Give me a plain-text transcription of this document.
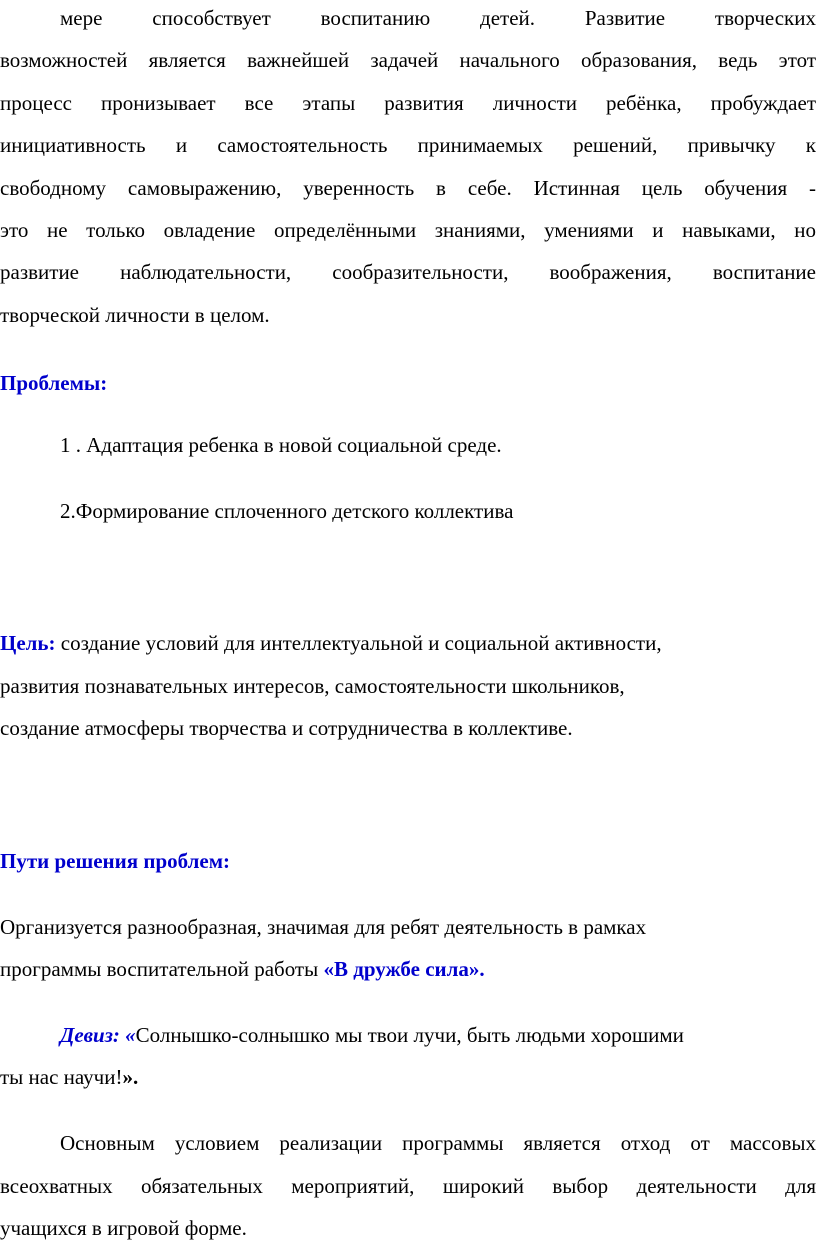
мере способствует воспитанию детей. Развитие творческих
возможностей является важнейшей задачей начального образования, ведь этот
процесс пронизывает все этапы развития личности ребёнка, пробуждает
инициативность и самостоятельность принимаемых решений, привычку к
свободному самовыражению, уверенность в себе. Истинная цель обучения -
это не только овладение определёнными знаниями, умениями и навыками, но
развитие наблюдательности, сообразительности, воображения, воспитание
творческой личности в целом.
Проблемы:
1 . Адаптация ребенка в новой социальной среде.
2.Формирование сплоченного детского коллектива
Цель: создание условий для интеллектуальной и социальной активности,
развития познавательных интересов, самостоятельности школьников,
создание атмосферы творчества и сотрудничества в коллективе.
Пути решения проблем:
Организуется разнообразная, значимая для ребят деятельность в рамках
программы воспитательной работы «В дружбе сила».
Девиз: «Солнышко-солнышко мы твои лучи, быть людьми хорошими
ты нас научи!».
Основным условием реализации программы является отход от массовых
всеохватных обязательных мероприятий, широкий выбор деятельности для
учащихся в игровой форме.
